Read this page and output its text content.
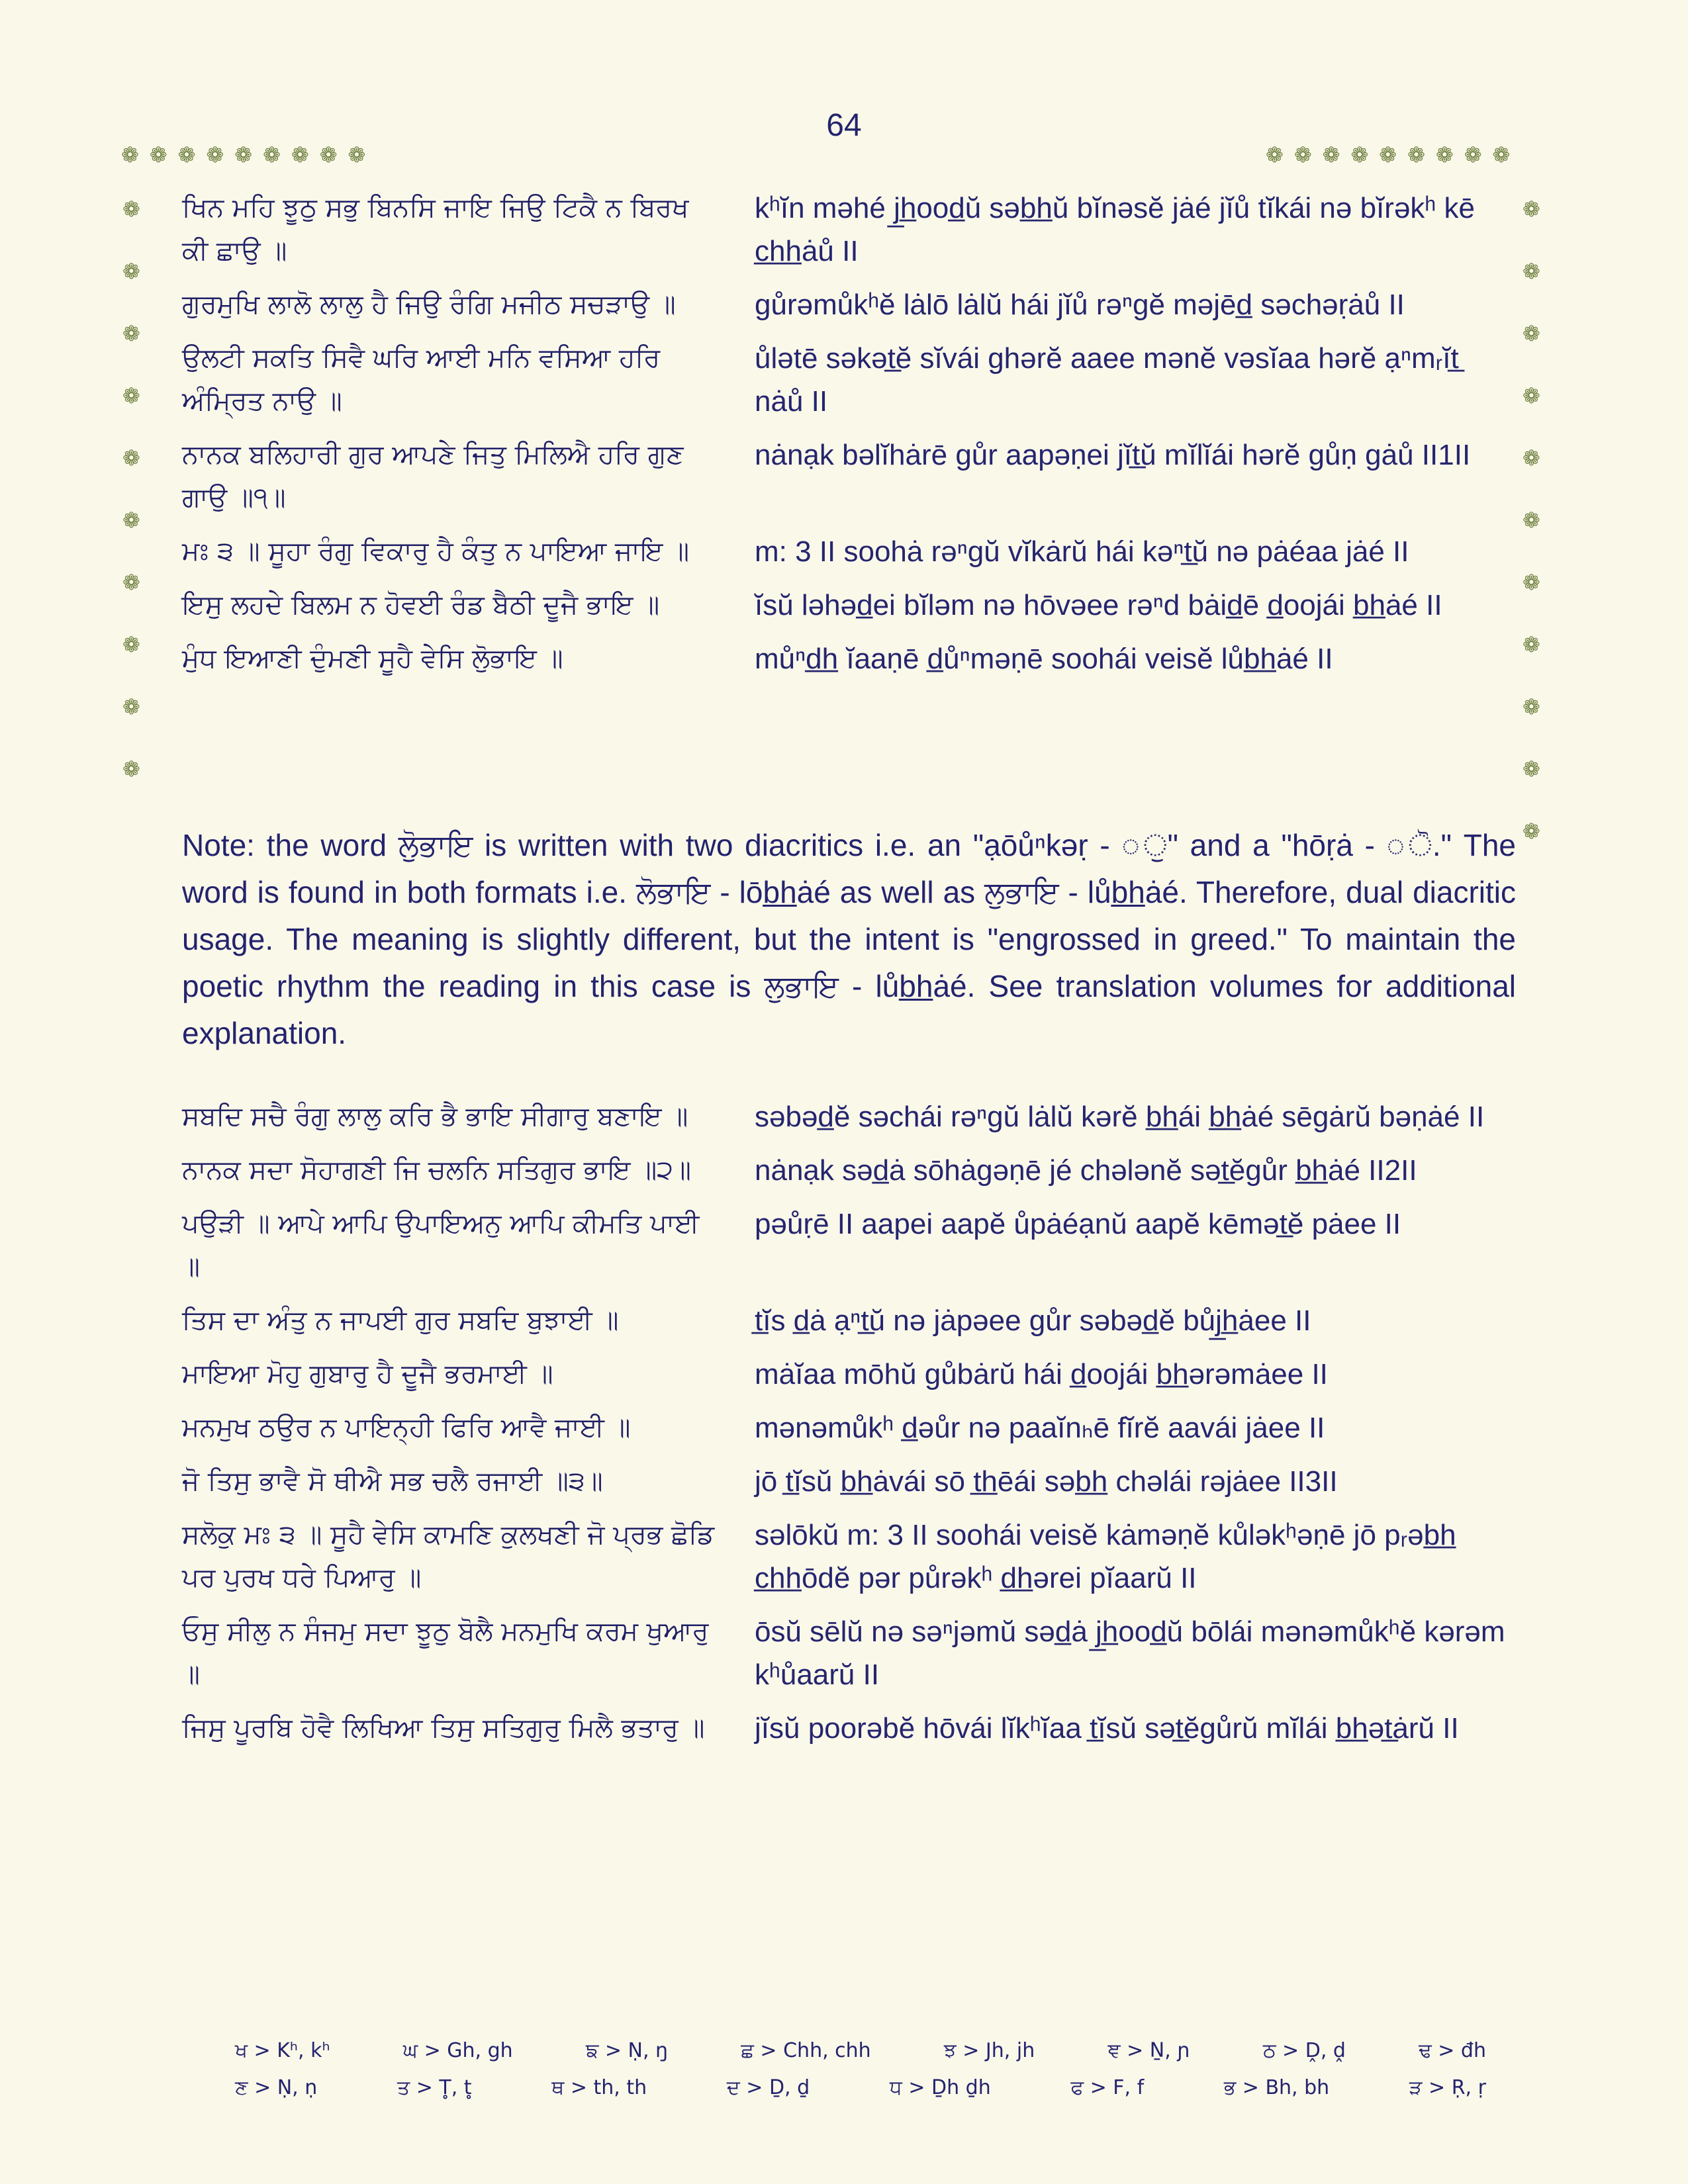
64
❁ ❁ ❁ ❁ ❁ ❁ ❁ ❁ ❁	❁ ❁ ❁ ❁ ❁ ❁ ❁ ❁ ❁
❁
❁
❁
❁
❁
❁
❁
❁
❁
❁
❁
❁
❁
❁
❁
❁
❁
❁
❁
❁
❁
ਖਿਨ ਮਹਿ ਝੂਠੁ ਸਭੁ ਬਿਨਸਿ ਜਾਇ ਜਿਉ ਟਿਕੈ ਨ ਬਿਰਖ ਕੀ ਛਾਉ ॥
kʰĭn məhé j̲h̲ood̲ŭ səb̲h̲ŭ bĭnəsĕ jȧé jĭů tĭkái nə bĭrəkʰ kē c̲h̲h̲ȧů II
ਗੁਰਮੁਖਿ ਲਾਲੋ ਲਾਲੁ ਹੈ ਜਿਉ ਰੰਗਿ ਮਜੀਠ ਸਚੜਾਉ ॥	gůrəmůkʰĕ lȧlō lȧlŭ hái jĭů rəⁿgĕ məjēd̲ səchəṛȧů II
ਉਲਟੀ ਸਕਤਿ ਸਿਵੈ ਘਰਿ ਆਈ ਮਨਿ ਵਸਿਆ ਹਰਿ ਅੰਮ੍ਰਿਤ ਨਾਉ ॥
ůlətē səkət̲ĕ sĭvái ghərĕ aaee mənĕ vəsĭaa hərĕ ạⁿmᵣĭt̲ nȧů II
ਨਾਨਕ ਬਲਿਹਾਰੀ ਗੁਰ ਆਪਣੇ ਜਿਤੁ ਮਿਲਿਐ ਹਰਿ ਗੁਣ ਗਾਉ ॥੧॥
nȧnạk bəlĭhȧrē gůr aapəṇei jĭt̲ŭ mĭlĭái hərĕ gůṇ gȧů II1II
ਮਃ ੩ ॥ ਸੂਹਾ ਰੰਗੁ ਵਿਕਾਰੁ ਹੈ ਕੰਤੁ ਨ ਪਾਇਆ ਜਾਇ ॥	m: 3 II soohȧ rəⁿgŭ vĭkȧrŭ hái kəⁿt̲ŭ nə pȧéaa jȧé II
ਇਸੁ ਲਹਦੇ ਬਿਲਮ ਨ ਹੋਵਈ ਰੰਡ ਬੈਠੀ ਦੂਜੈ ਭਾਇ ॥	ĭsŭ ləhəd̲ei bĭləm nə hōvəee rəⁿd bȧid̲ē d̲oojái b̲h̲ȧé II
ਮੁੰਧ ਇਆਣੀ ਦੁੰਮਣੀ ਸੂਹੈ ਵੇਸਿ ਲੁੋਭਾਇ ॥	můⁿd̲h̲ ĭaaṇē d̲ůⁿməṇē soohái veisĕ lůb̲h̲ȧé II
Note: the word ਲੁੋਭਾਇ is written with two diacritics i.e. an "ạōůⁿkəṛ - ◌ੁ" and a "hōṛȧ - ◌ੋ." The word is found in both formats i.e. ਲੋਭਾਇ - lōb̲h̲ȧé as well as ਲੁਭਾਇ - lůb̲h̲ȧé. Therefore, dual diacritic usage. The meaning is slightly different, but the intent is "engrossed in greed." To maintain the poetic rhythm the reading in this case is ਲੁਭਾਇ - lůb̲h̲ȧé. See translation volumes for additional explanation.
ਸਬਦਿ ਸਚੈ ਰੰਗੁ ਲਾਲੁ ਕਰਿ ਭੈ ਭਾਇ ਸੀਗਾਰੁ ਬਣਾਇ ॥	səbəd̲ĕ səchái rəⁿgŭ lȧlŭ kərĕ b̲h̲ái b̲h̲ȧé sēgȧrŭ bəṇȧé II
ਨਾਨਕ ਸਦਾ ਸੋਹਾਗਣੀ ਜਿ ਚਲਨਿ ਸਤਿਗੁਰ ਭਾਇ ॥੨॥	nȧnạk səd̲ȧ sōhȧgəṇē jé chələnĕ sət̲ĕgůr b̲h̲ȧé II2II
ਪਉੜੀ ॥ ਆਪੇ ਆਪਿ ਉਪਾਇਅਨੁ ਆਪਿ ਕੀਮਤਿ ਪਾਈ ॥
pəůṛē II aapei aapĕ ůpȧéạnŭ aapĕ kēmət̲ĕ pȧee II
ਤਿਸ ਦਾ ਅੰਤੁ ਨ ਜਾਪਈ ਗੁਰ ਸਬਦਿ ਬੁਝਾਈ ॥	t̲ĭs d̲ȧ ạⁿt̲ŭ nə jȧpəee gůr səbəd̲ĕ bůj̲h̲ȧee II
ਮਾਇਆ ਮੋਹੁ ਗੁਬਾਰੁ ਹੈ ਦੂਜੈ ਭਰਮਾਈ ॥	mȧĭaa mōhŭ gůbȧrŭ hái d̲oojái b̲h̲ərəmȧee II
ਮਨਮੁਖ ਠਉਰ ਨ ਪਾਇਨ੍ਹੀ ਫਿਰਿ ਆਵੈ ਜਾਈ ॥	mənəmůkʰ d̲əůr nə paaĭnₕē fĭrĕ aavái jȧee II
ਜੋ ਤਿਸੁ ਭਾਵੈ ਸੋ ਥੀਐ ਸਭ ਚਲੈ ਰਜਾਈ ॥੩॥	jō t̲ĭsŭ b̲h̲ȧvái sō t̲h̲ēái səb̲h̲ chəlái rəjȧee II3II
ਸਲੋਕੁ ਮਃ ੩ ॥ ਸੂਹੈ ਵੇਸਿ ਕਾਮਣਿ ਕੁਲਖਣੀ ਜੋ ਪ੍ਰਭ ਛੋਡਿ ਪਰ ਪੁਰਖ ਧਰੇ ਪਿਆਰੁ ॥
səlōkŭ m: 3 II soohái veisĕ kȧməṇĕ kůləkʰəṇē jō pᵣəb̲h̲ c̲h̲h̲ōdĕ pər půrəkʰ d̲h̲ərei pĭaarŭ II
ਓਸੁ ਸੀਲੁ ਨ ਸੰਜਮੁ ਸਦਾ ਝੂਠੁ ਬੋਲੈ ਮਨਮੁਖਿ ਕਰਮ ਖੁਆਰੁ ॥
ōsŭ sēlŭ nə səⁿjəmŭ səd̲ȧ j̲h̲ood̲ŭ bōlái mənəmůkʰĕ kərəm kʰůaarŭ II
ਜਿਸੁ ਪੂਰਬਿ ਹੋਵੈ ਲਿਖਿਆ ਤਿਸੁ ਸਤਿਗੁਰੁ ਮਿਲੈ ਭਤਾਰੁ ॥	jĭsŭ poorəbĕ hōvái lĭkʰĭaa t̲ĭsŭ sət̲ĕgůrŭ mĭlái b̲h̲ət̲ȧrŭ II
ਖ > Kʰ, kʰ	ਘ > Gh, gh	ਙ > Ṇ, ŋ	ਛ > Chh, chh	ਝ > Jh, jh	ਞ > Ṉ, ɲ	ਠ > Ḓ, ḓ	ਢ > đh
ਣ > Ṇ, ṇ	ਤ > T̥, t̥	ਥ > th, th	ਦ > Ḏ, ḏ	ਧ > Ḏh ḏh	ਫ > F, f	ਭ > Bh, bh	ੜ > Ṛ, ṛ
